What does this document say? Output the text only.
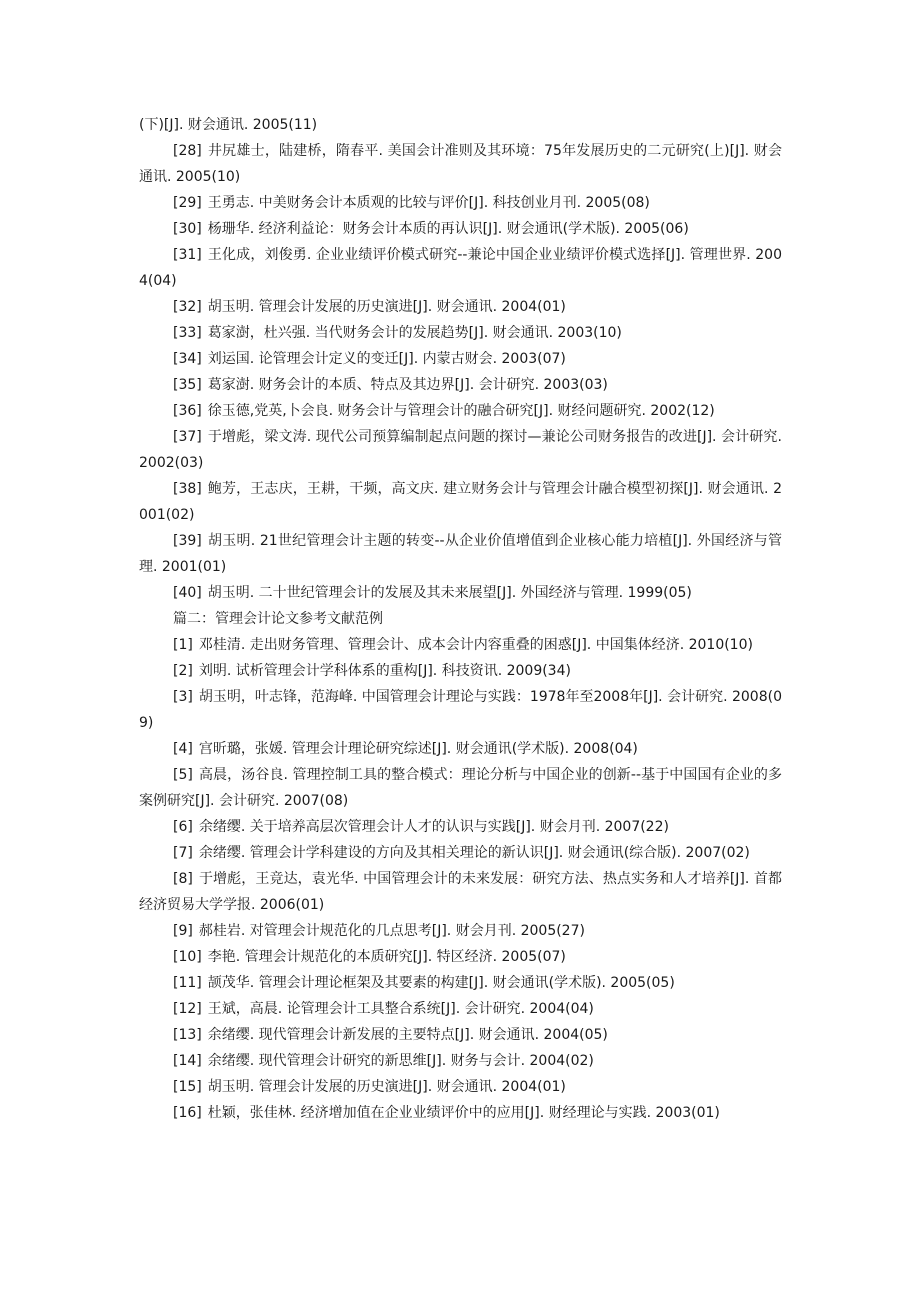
(下)[J]. 财会通讯. 2005(11)

[28] 井尻雄士，陆建桥，隋春平. 美国会计准则及其环境：75年发展历史的二元研究(上)[J]. 财会通讯. 2005(10)

[29] 王勇志. 中美财务会计本质观的比较与评价[J]. 科技创业月刊. 2005(08)

[30] 杨珊华. 经济利益论：财务会计本质的再认识[J]. 财会通讯(学术版). 2005(06)

[31] 王化成，刘俊勇. 企业业绩评价模式研究--兼论中国企业业绩评价模式选择[J]. 管理世界. 2004(04)

[32] 胡玉明. 管理会计发展的历史演进[J]. 财会通讯. 2004(01)

[33] 葛家澍，杜兴强. 当代财务会计的发展趋势[J]. 财会通讯. 2003(10)

[34] 刘运国. 论管理会计定义的变迁[J]. 内蒙古财会. 2003(07)

[35] 葛家澍. 财务会计的本质、特点及其边界[J]. 会计研究. 2003(03)

[36] 徐玉德,党英,卜会良. 财务会计与管理会计的融合研究[J]. 财经问题研究. 2002(12)

[37] 于增彪，梁文涛. 现代公司预算编制起点问题的探讨—兼论公司财务报告的改进[J]. 会计研究. 2002(03)

[38] 鲍芳，王志庆，王耕，干频，高文庆. 建立财务会计与管理会计融合模型初探[J]. 财会通讯. 2001(02)

[39] 胡玉明. 21世纪管理会计主题的转变--从企业价值增值到企业核心能力培植[J]. 外国经济与管理. 2001(01)

[40] 胡玉明. 二十世纪管理会计的发展及其未来展望[J]. 外国经济与管理. 1999(05)

篇二：管理会计论文参考文献范例

[1] 邓桂清. 走出财务管理、管理会计、成本会计内容重叠的困惑[J]. 中国集体经济. 2010(10)

[2] 刘明. 试析管理会计学科体系的重构[J]. 科技资讯. 2009(34)

[3] 胡玉明，叶志锋，范海峰. 中国管理会计理论与实践：1978年至2008年[J]. 会计研究. 2008(09)

[4] 宫昕璐，张媛. 管理会计理论研究综述[J]. 财会通讯(学术版). 2008(04)

[5] 高晨，汤谷良. 管理控制工具的整合模式：理论分析与中国企业的创新--基于中国国有企业的多案例研究[J]. 会计研究. 2007(08)

[6] 余绪缨. 关于培养高层次管理会计人才的认识与实践[J]. 财会月刊. 2007(22)

[7] 余绪缨. 管理会计学科建设的方向及其相关理论的新认识[J]. 财会通讯(综合版). 2007(02)

[8] 于增彪，王竞达，袁光华. 中国管理会计的未来发展：研究方法、热点实务和人才培养[J]. 首都经济贸易大学学报. 2006(01)

[9] 郝桂岩. 对管理会计规范化的几点思考[J]. 财会月刊. 2005(27)

[10] 李艳. 管理会计规范化的本质研究[J]. 特区经济. 2005(07)

[11] 颉茂华. 管理会计理论框架及其要素的构建[J]. 财会通讯(学术版). 2005(05)

[12] 王斌，高晨. 论管理会计工具整合系统[J]. 会计研究. 2004(04)

[13] 余绪缨. 现代管理会计新发展的主要特点[J]. 财会通讯. 2004(05)

[14] 余绪缨. 现代管理会计研究的新思维[J]. 财务与会计. 2004(02)

[15] 胡玉明. 管理会计发展的历史演进[J]. 财会通讯. 2004(01)

[16] 杜颖，张佳林. 经济增加值在企业业绩评价中的应用[J]. 财经理论与实践. 2003(01)
